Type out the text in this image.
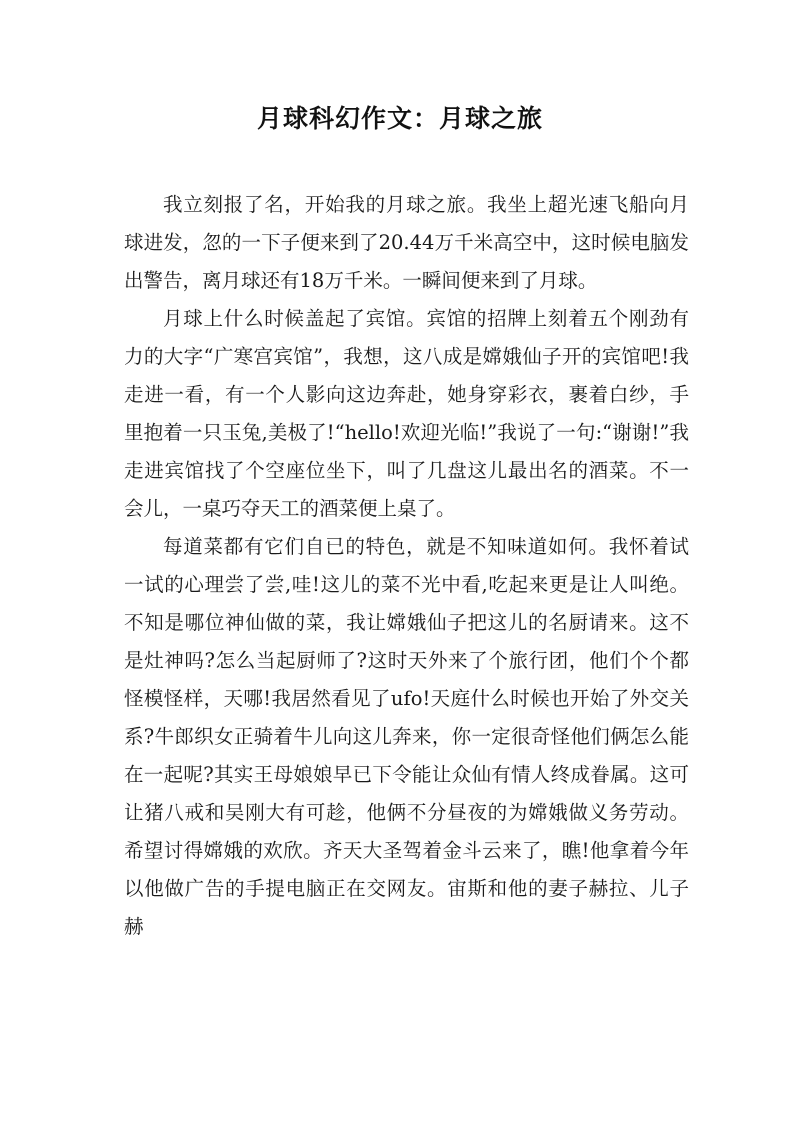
月球科幻作文：月球之旅

我立刻报了名，开始我的月球之旅。我坐上超光速飞船向月球进发，忽的一下子便来到了20.44万千米高空中，这时候电脑发出警告，离月球还有18万千米。一瞬间便来到了月球。

月球上什么时候盖起了宾馆。宾馆的招牌上刻着五个刚劲有力的大字“广寒宫宾馆”，我想，这八成是嫦娥仙子开的宾馆吧!我走进一看，有一个人影向这边奔赴，她身穿彩衣，裹着白纱，手里抱着一只玉兔,美极了!“hello!欢迎光临!”我说了一句:“谢谢!”我走进宾馆找了个空座位坐下，叫了几盘这儿最出名的酒菜。不一会儿，一桌巧夺天工的酒菜便上桌了。

每道菜都有它们自已的特色，就是不知味道如何。我怀着试一试的心理尝了尝,哇!这儿的菜不光中看,吃起来更是让人叫绝。不知是哪位神仙做的菜，我让嫦娥仙子把这儿的名厨请来。这不是灶神吗?怎么当起厨师了?这时天外来了个旅行团，他们个个都怪模怪样，天哪!我居然看见了ufo!天庭什么时候也开始了外交关系?牛郎织女正骑着牛儿向这儿奔来，你一定很奇怪他们俩怎么能在一起呢?其实王母娘娘早已下令能让众仙有情人终成眷属。这可让猪八戒和吴刚大有可趁，他俩不分昼夜的为嫦娥做义务劳动。希望讨得嫦娥的欢欣。齐天大圣驾着金斗云来了，瞧!他拿着今年以他做广告的手提电脑正在交网友。宙斯和他的妻子赫拉、儿子赫
